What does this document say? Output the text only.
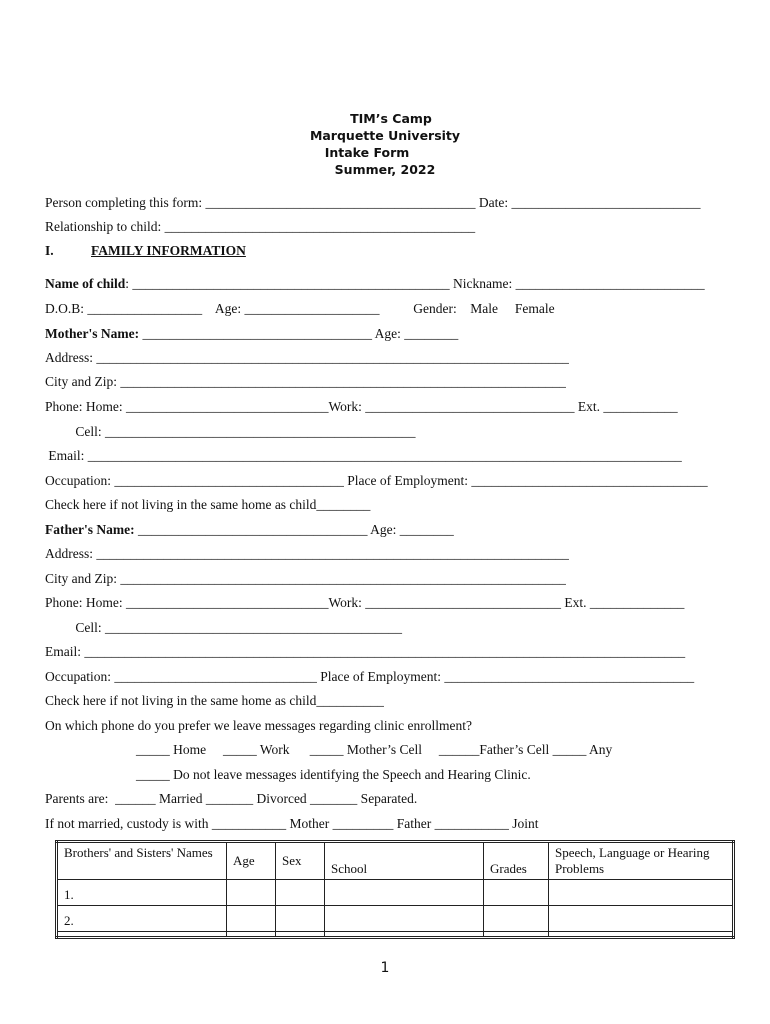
TIM’s Camp
Marquette University
Intake Form
Summer, 2022
Person completing this form: ________________________________________ Date: ____________________________
Relationship to child: ______________________________________________
I.	FAMILY INFORMATION
Name of child: _______________________________________________ Nickname: ____________________________
D.O.B: _________________    Age: ____________________          Gender:    Male     Female
Mother's Name: __________________________________ Age: ________
Address: ______________________________________________________________________
City and Zip: __________________________________________________________________
Phone: Home: ______________________________Work: _______________________________ Ext. ___________
Cell: ______________________________________________
Email: ________________________________________________________________________________________
Occupation: __________________________________ Place of Employment: ___________________________________
Check here if not living in the same home as child________
Father's Name: __________________________________ Age: ________
Address: ______________________________________________________________________
City and Zip: __________________________________________________________________
Phone: Home: ______________________________Work: _____________________________ Ext. ______________
Cell: ____________________________________________
Email: _________________________________________________________________________________________
Occupation: ______________________________ Place of Employment: _____________________________________
Check here if not living in the same home as child__________
On which phone do you prefer we leave messages regarding clinic enrollment?
_____ Home     _____ Work      _____ Mother’s Cell     ______Father’s Cell _____ Any
_____ Do not leave messages identifying the Speech and Hearing Clinic.
Parents are:  ______ Married _______ Divorced _______ Separated.
If not married, custody is with ___________ Mother _________ Father ___________ Joint
Brothers' and Sisters' Names	Age	Sex	School	Grades	Speech, Language or Hearing Problems
1.					
2.					

1
